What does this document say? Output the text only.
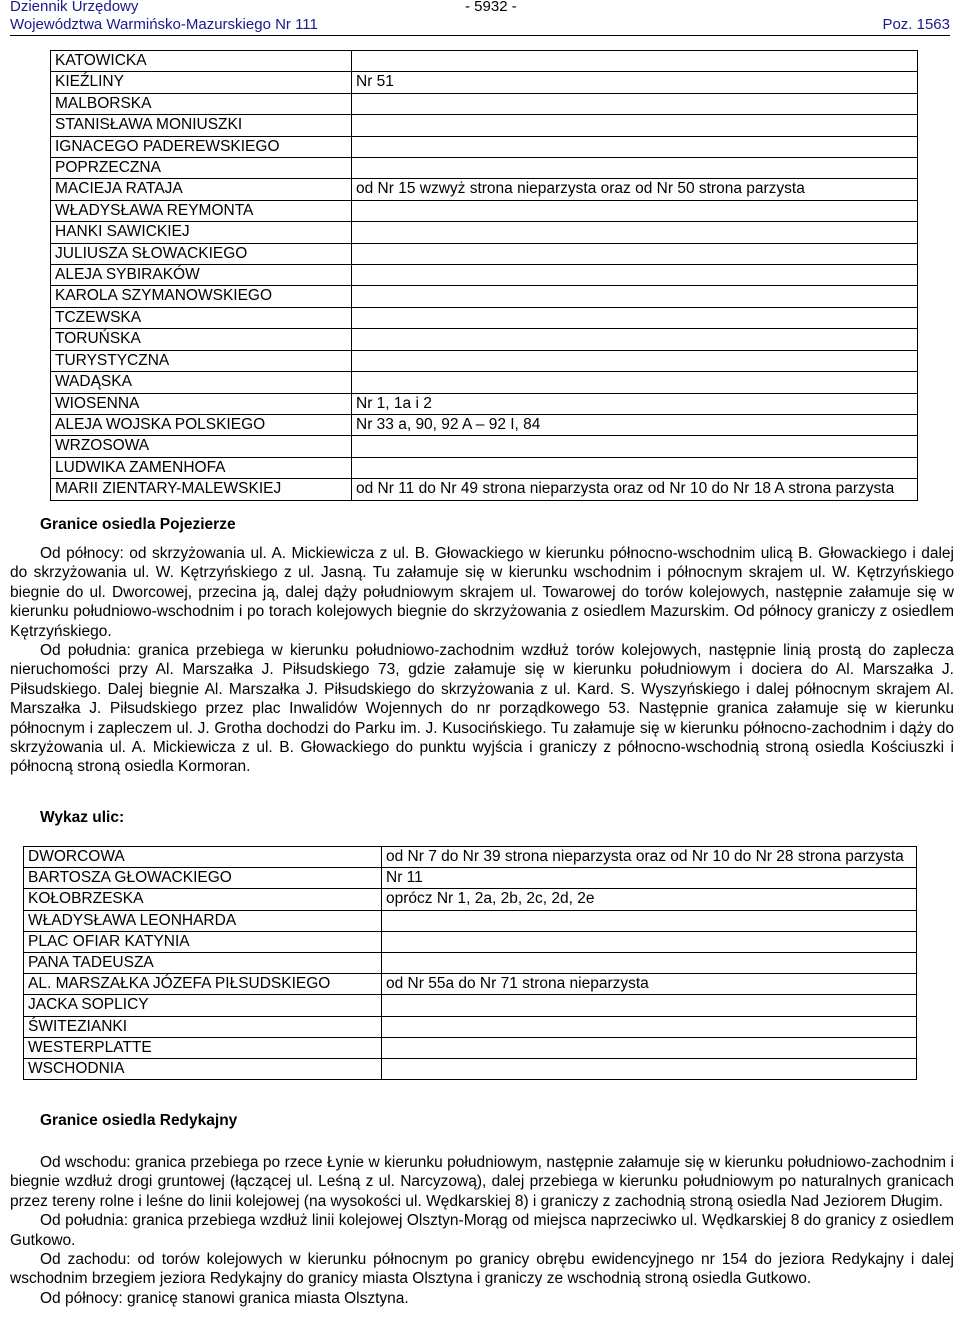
Dziennik Urzędowy	- 5932 -
Województwa Warmińsko-Mazurskiego Nr 111	Poz. 1563
KATOWICKA	
KIEŹLINY	Nr 51
MALBORSKA	
STANISŁAWA MONIUSZKI	
IGNACEGO PADEREWSKIEGO	
POPRZECZNA	
MACIEJA RATAJA	od Nr 15 wzwyż strona nieparzysta oraz od Nr 50 strona parzysta
WŁADYSŁAWA REYMONTA	
HANKI SAWICKIEJ	
JULIUSZA SŁOWACKIEGO	
ALEJA SYBIRAKÓW	
KAROLA SZYMANOWSKIEGO	
TCZEWSKA	
TORUŃSKA	
TURYSTYCZNA	
WADĄSKA	
WIOSENNA	Nr 1, 1a i 2
ALEJA WOJSKA POLSKIEGO	Nr 33 a, 90, 92 A – 92 I, 84
WRZOSOWA	
LUDWIKA ZAMENHOFA	
MARII ZIENTARY-MALEWSKIEJ	od Nr 11 do Nr 49 strona nieparzysta oraz od Nr 10 do Nr 18 A strona parzysta
Granice osiedla Pojezierze

Od północy: od skrzyżowania ul. A. Mickiewicza z ul. B. Głowackiego w kierunku północno-wschodnim ulicą B. Głowackiego i dalej do skrzyżowania ul. W. Kętrzyńskiego z ul. Jasną. Tu załamuje się w kierunku wschodnim i północnym skrajem ul. W. Kętrzyńskiego biegnie do ul. Dworcowej, przecina ją, dalej dąży południowym skrajem ul. Towarowej do torów kolejowych, następnie załamuje się w kierunku południowo-wschodnim i po torach kolejowych biegnie do skrzyżowania z osiedlem Mazurskim. Od północy graniczy z osiedlem Kętrzyńskiego.

Od południa: granica przebiega w kierunku południowo-zachodnim wzdłuż torów kolejowych, następnie linią prostą do zaplecza nieruchomości przy Al. Marszałka J. Piłsudskiego 73, gdzie załamuje się w kierunku południowym i dociera do Al. Marszałka J. Piłsudskiego. Dalej biegnie Al. Marszałka J. Piłsudskiego do skrzyżowania z ul. Kard. S. Wyszyńskiego i dalej północnym skrajem Al. Marszałka J. Piłsudskiego przez plac Inwalidów Wojennych do nr porządkowego 53. Następnie granica załamuje się w kierunku północnym i zapleczem ul. J. Grotha dochodzi do Parku im. J. Kusocińskiego. Tu załamuje się w kierunku północno-zachodnim i dąży do skrzyżowania ul. A. Mickiewicza z ul. B. Głowackiego do punktu wyjścia i graniczy z północno-wschodnią stroną osiedla Kościuszki i północną stroną osiedla Kormoran.

Wykaz ulic:
DWORCOWA	od Nr 7 do Nr 39 strona nieparzysta oraz od Nr 10 do Nr 28 strona parzysta
BARTOSZA GŁOWACKIEGO	Nr 11
KOŁOBRZESKA	oprócz Nr 1, 2a, 2b, 2c, 2d, 2e
WŁADYSŁAWA LEONHARDA	
PLAC OFIAR KATYNIA	
PANA TADEUSZA	
AL. MARSZAŁKA JÓZEFA PIŁSUDSKIEGO	od Nr 55a do Nr 71 strona nieparzysta
JACKA SOPLICY	
ŚWITEZIANKI	
WESTERPLATTE	
WSCHODNIA	
Granice osiedla Redykajny

Od wschodu: granica przebiega po rzece Łynie w kierunku południowym, następnie załamuje się w kierunku południowo-zachodnim i biegnie wzdłuż drogi gruntowej (łączącej ul. Leśną z ul. Narcyzową), dalej przebiega w kierunku południowym po naturalnych granicach przez tereny rolne i leśne do linii kolejowej (na wysokości ul. Wędkarskiej 8) i graniczy z zachodnią stroną osiedla Nad Jeziorem Długim.

Od południa: granica przebiega wzdłuż linii kolejowej Olsztyn-Morąg od miejsca naprzeciwko ul. Wędkarskiej 8 do granicy z osiedlem Gutkowo.

Od zachodu: od torów kolejowych w kierunku północnym po granicy obrębu ewidencyjnego nr 154 do jeziora Redykajny i dalej wschodnim brzegiem jeziora Redykajny do granicy miasta Olsztyna i graniczy ze wschodnią stroną osiedla Gutkowo.

Od północy: granicę stanowi granica miasta Olsztyna.
